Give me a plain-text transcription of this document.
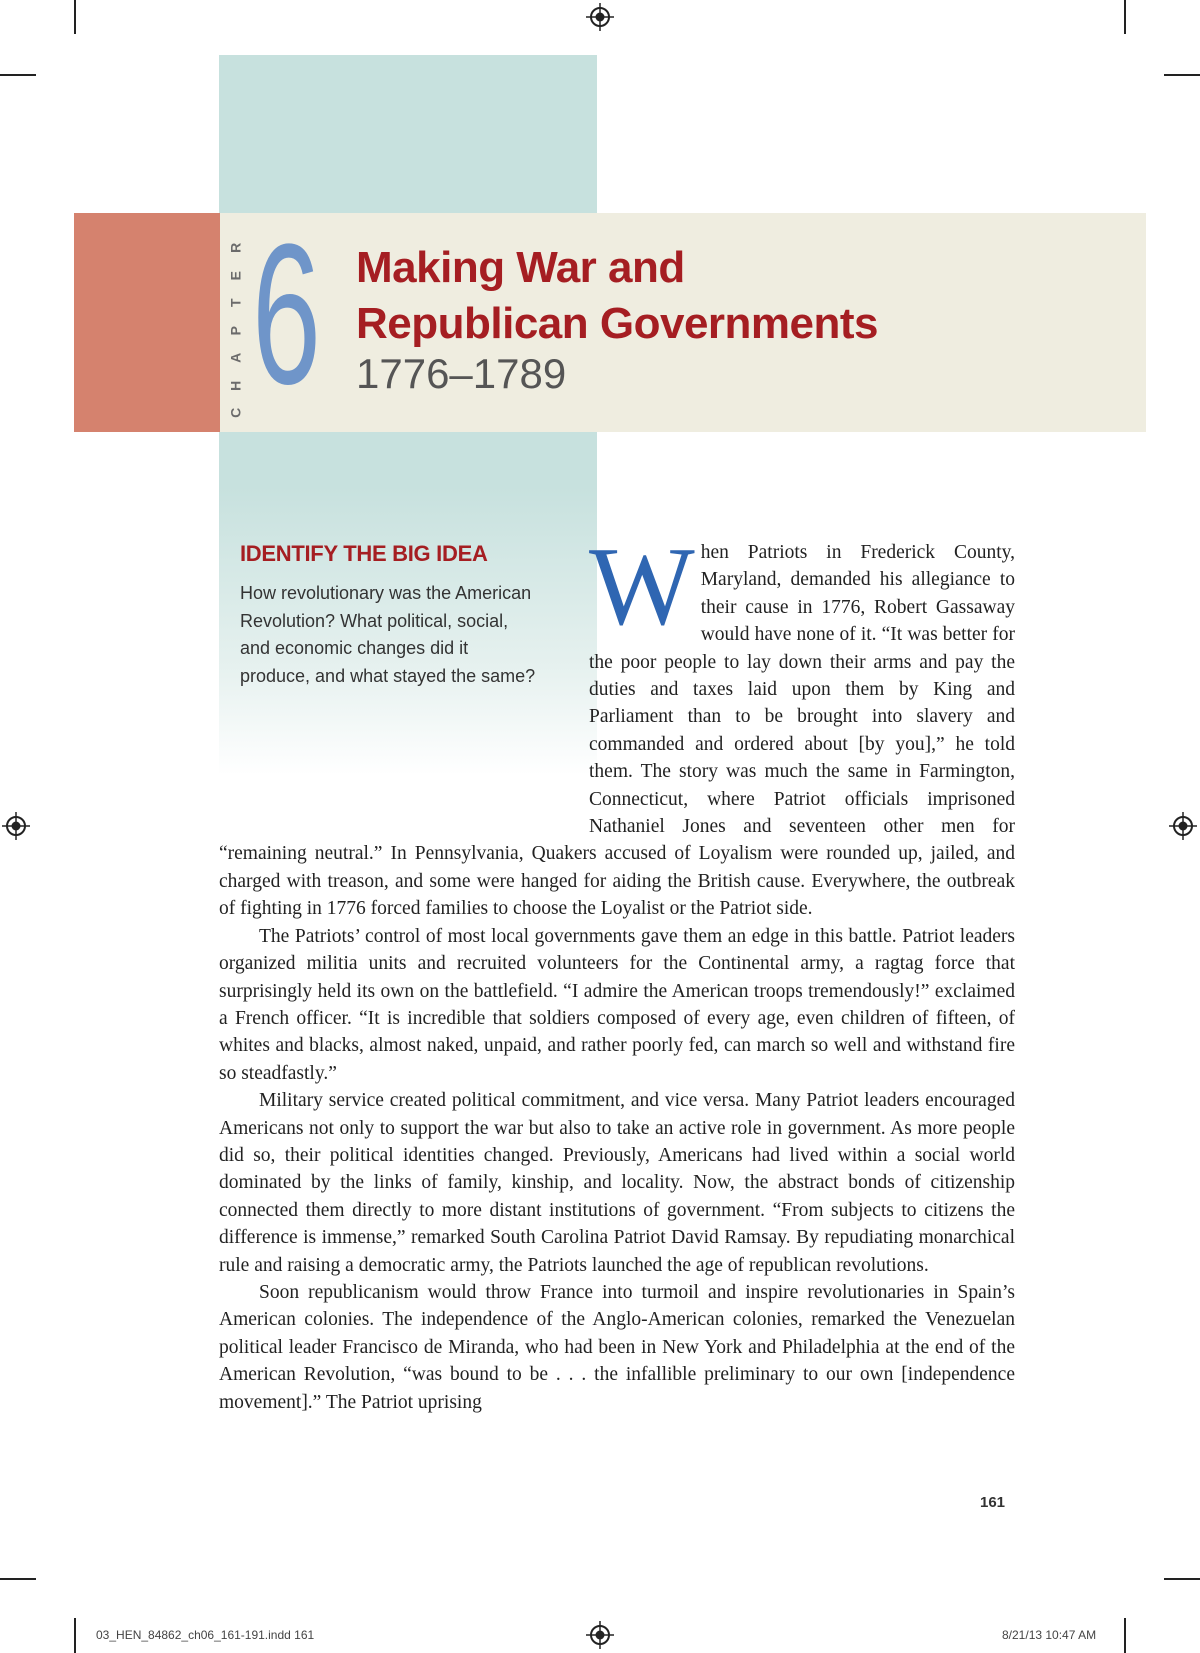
R
E
T
P
A
H
C 6 Making War and
Republican Governments
1776–1789
IDENTIFY THE BIG IDEA
How revolutionary was the American Revolution? What political, social, and economic changes did it produce, and what stayed the same?

When Patriots in Frederick County, Maryland, demanded his allegiance to their cause in 1776, Robert Gassaway would have none of it. “It was better for the poor people to lay down their arms and pay the duties and taxes laid upon them by King and Parliament than to be brought into slavery and commanded and ordered about [by you],” he told them. The story was much the same in Farmington, Connecticut, where Patriot officials imprisoned Nathaniel Jones and seventeen other men for “remaining neutral.” In Pennsylvania, Quakers accused of Loyalism were rounded up, jailed, and charged with treason, and some were hanged for aiding the British cause. Everywhere, the outbreak of fighting in 1776 forced families to choose the Loyalist or the Patriot side.

The Patriots’ control of most local governments gave them an edge in this battle. Patriot leaders organized militia units and recruited volunteers for the Continental army, a ragtag force that surprisingly held its own on the battlefield. “I admire the American troops tremendously!” exclaimed a French officer. “It is incredible that soldiers composed of every age, even children of fifteen, of whites and blacks, almost naked, unpaid, and rather poorly fed, can march so well and withstand fire so steadfastly.”

Military service created political commitment, and vice versa. Many Patriot leaders encouraged Americans not only to support the war but also to take an active role in government. As more people did so, their political identities changed. Previously, Americans had lived within a social world dominated by the links of family, kinship, and locality. Now, the abstract bonds of citizenship connected them directly to more distant institutions of government. “From subjects to citizens the difference is immense,” remarked South Carolina Patriot David Ramsay. By repudiating monarchical rule and raising a democratic army, the Patriots launched the age of republican revolutions.

Soon republicanism would throw France into turmoil and inspire revolutionaries in Spain’s American colonies. The independence of the Anglo-American colonies, remarked the Venezuelan political leader Francisco de Miranda, who had been in New York and Philadelphia at the end of the American Revolution, “was bound to be . . . the infallible preliminary to our own [independence movement].” The Patriot uprising

161
03_HEN_84862_ch06_161-191.indd 161	8/21/13 10:47 AM
